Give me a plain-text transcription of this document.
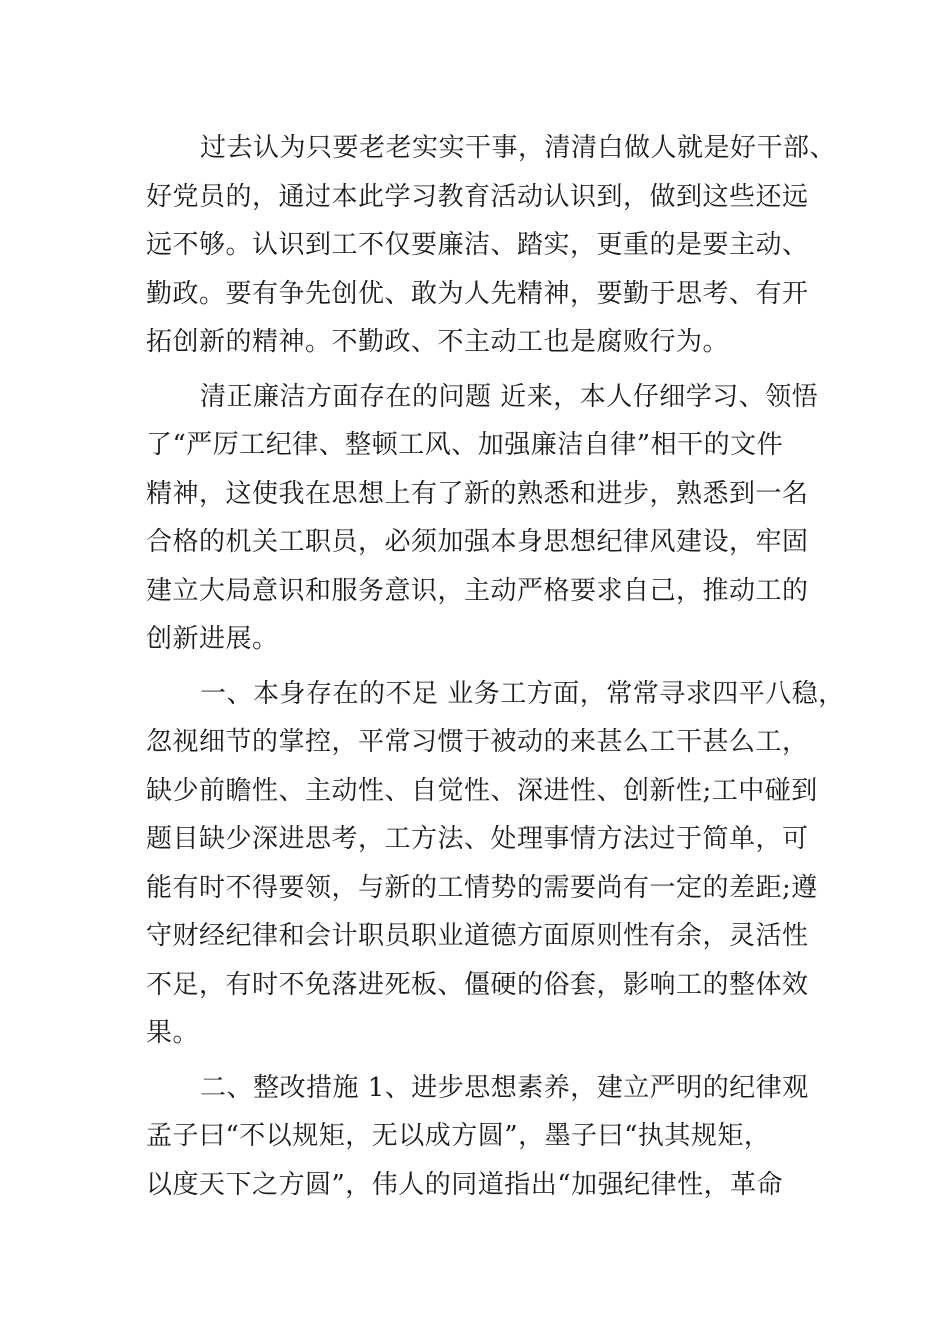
过去认为只要老老实实干事，清清白做人就是好干部、
好党员的，通过本此学习教育活动认识到，做到这些还远
远不够。认识到工不仅要廉洁、踏实，更重的是要主动、
勤政。要有争先创优、敢为人先精神，要勤于思考、有开
拓创新的精神。不勤政、不主动工也是腐败行为。
清正廉洁方面存在的问题 近来，本人仔细学习、领悟
了“严厉工纪律、整顿工风、加强廉洁自律”相干的文件
精神，这使我在思想上有了新的熟悉和进步，熟悉到一名
合格的机关工职员，必须加强本身思想纪律风建设，牢固
建立大局意识和服务意识，主动严格要求自己，推动工的
创新进展。
一、本身存在的不足 业务工方面，常常寻求四平八稳，
忽视细节的掌控，平常习惯于被动的来甚么工干甚么工，
缺少前瞻性、主动性、自觉性、深进性、创新性;工中碰到
题目缺少深进思考，工方法、处理事情方法过于简单，可
能有时不得要领，与新的工情势的需要尚有一定的差距;遵
守财经纪律和会计职员职业道德方面原则性有余，灵活性
不足，有时不免落进死板、僵硬的俗套，影响工的整体效
果。
二、整改措施 1、进步思想素养，建立严明的纪律观
孟子曰“不以规矩，无以成方圆”，墨子曰“执其规矩，
以度天下之方圆”，伟人的同道指出“加强纪律性，革命
